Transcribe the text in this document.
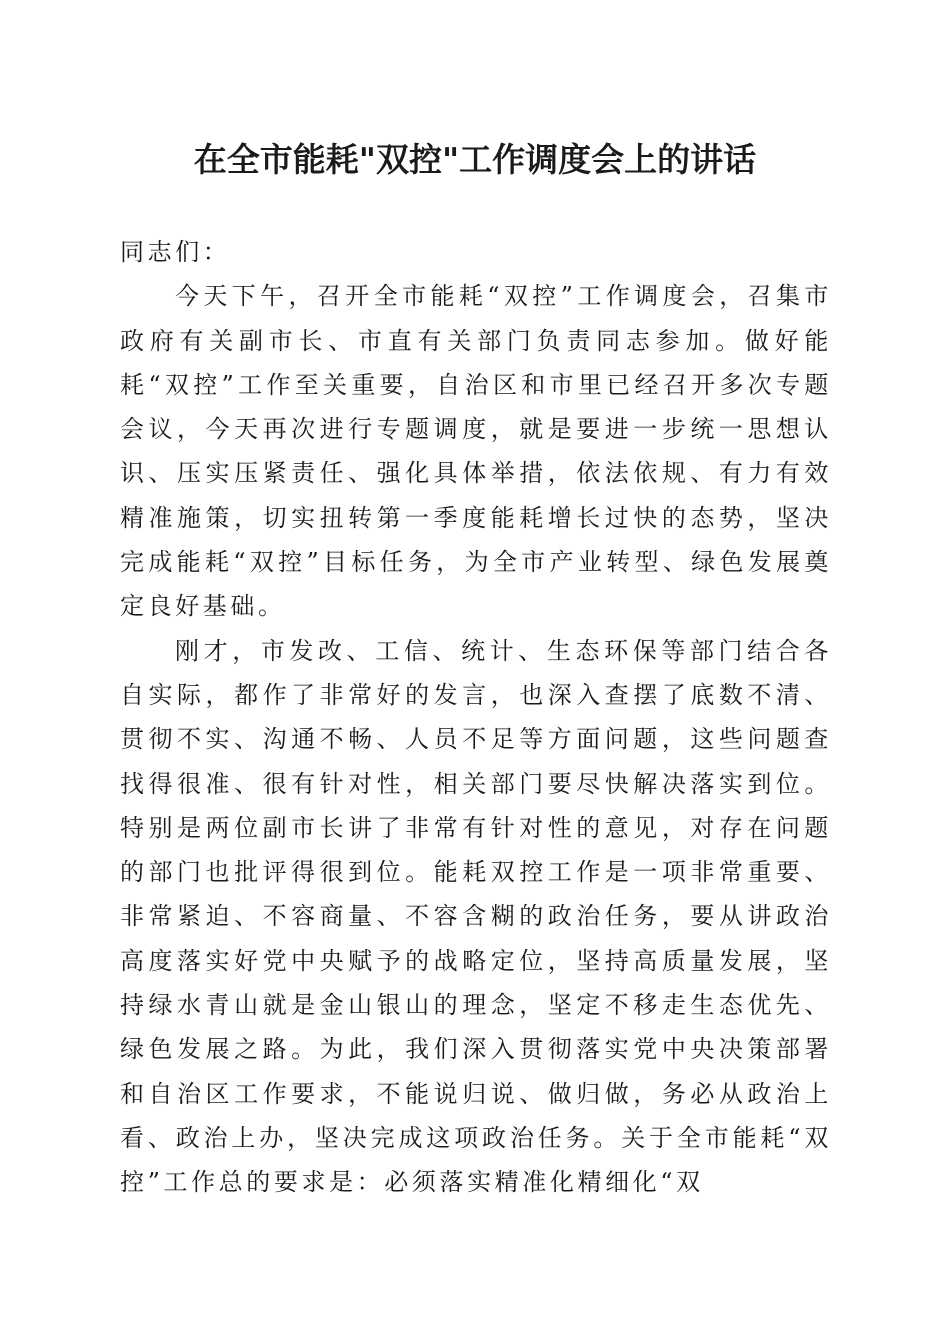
在全市能耗"双控"工作调度会上的讲话

同志们：

今天下午，召开全市能耗“双控”工作调度会，召集市政府有关副市长、市直有关部门负责同志参加。做好能耗“双控”工作至关重要，自治区和市里已经召开多次专题会议，今天再次进行专题调度，就是要进一步统一思想认识、压实压紧责任、强化具体举措，依法依规、有力有效精准施策，切实扭转第一季度能耗增长过快的态势，坚决完成能耗“双控”目标任务，为全市产业转型、绿色发展奠定良好基础。

刚才，市发改、工信、统计、生态环保等部门结合各自实际，都作了非常好的发言，也深入查摆了底数不清、贯彻不实、沟通不畅、人员不足等方面问题，这些问题查找得很准、很有针对性，相关部门要尽快解决落实到位。特别是两位副市长讲了非常有针对性的意见，对存在问题的部门也批评得很到位。能耗双控工作是一项非常重要、非常紧迫、不容商量、不容含糊的政治任务，要从讲政治高度落实好党中央赋予的战略定位，坚持高质量发展，坚持绿水青山就是金山银山的理念，坚定不移走生态优先、绿色发展之路。为此，我们深入贯彻落实党中央决策部署和自治区工作要求，不能说归说、做归做，务必从政治上看、政治上办，坚决完成这项政治任务。关于全市能耗“双控”工作总的要求是：必须落实精准化精细化“双
